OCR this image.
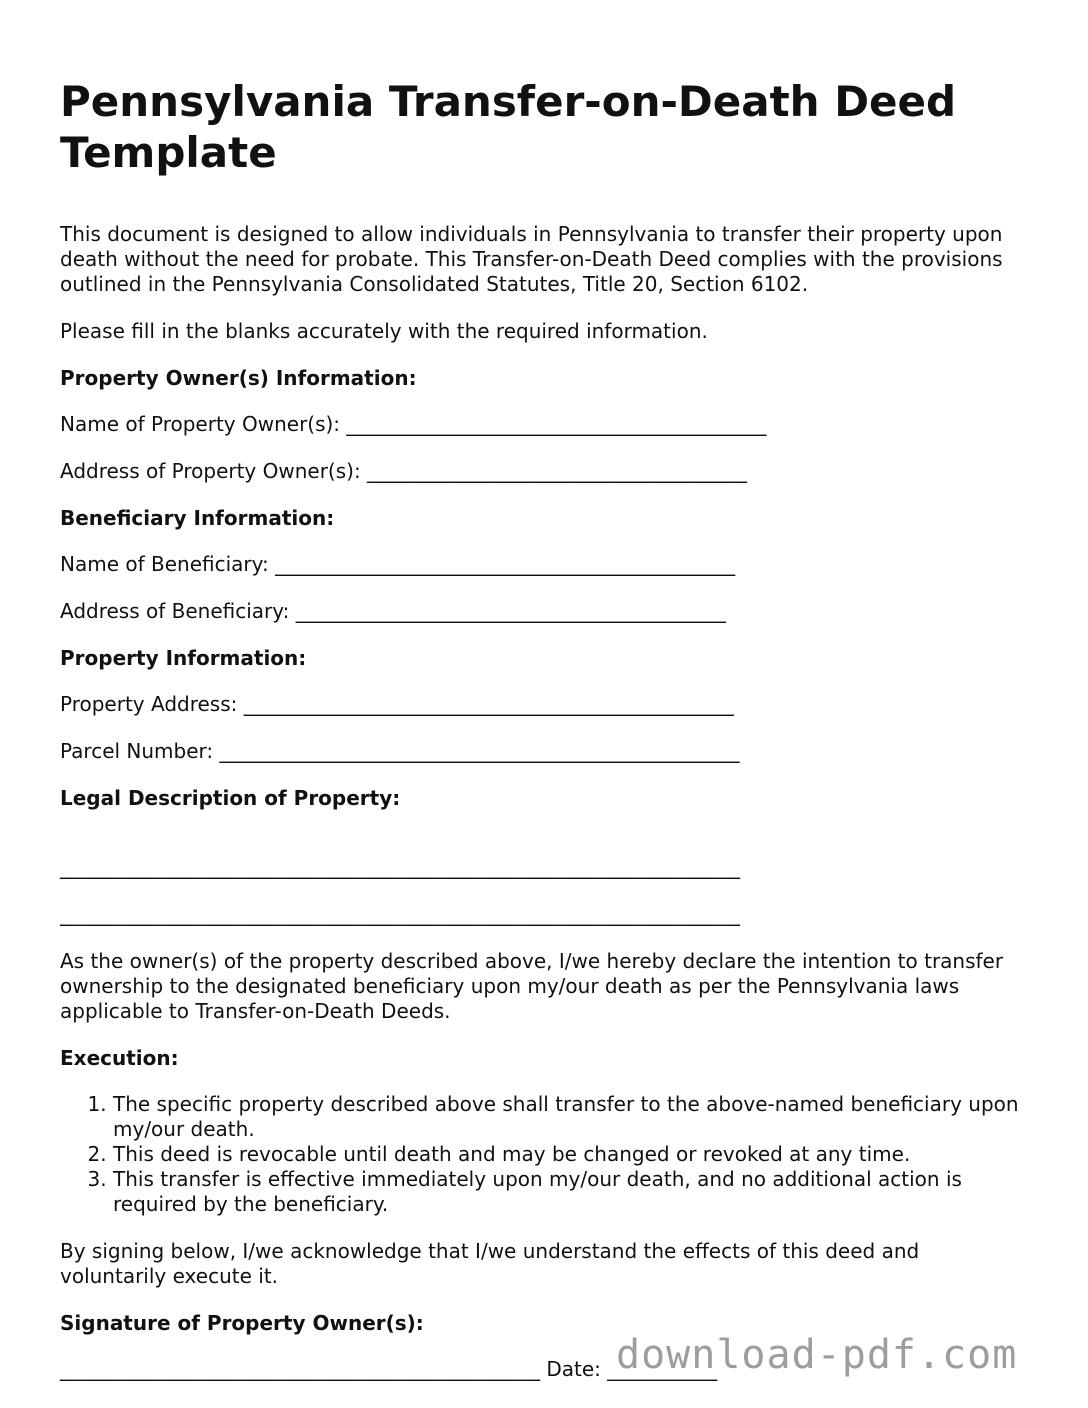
Pennsylvania Transfer-on-Death Deed Template

This document is designed to allow individuals in Pennsylvania to transfer their property upon death without the need for probate. This Transfer-on-Death Deed complies with the provisions outlined in the Pennsylvania Consolidated Statutes, Title 20, Section 6102.

Please fill in the blanks accurately with the required information.

Property Owner(s) Information:

Name of Property Owner(s): __________________________________________

Address of Property Owner(s): ______________________________________

Beneficiary Information:

Name of Beneficiary: ______________________________________________

Address of Beneficiary: ___________________________________________

Property Information:

Property Address: _________________________________________________

Parcel Number: ____________________________________________________

Legal Description of Property:

____________________________________________________________________

____________________________________________________________________

As the owner(s) of the property described above, I/we hereby declare the intention to transfer ownership to the designated beneficiary upon my/our death as per the Pennsylvania laws applicable to Transfer-on-Death Deeds.

Execution:

1. The specific property described above shall transfer to the above-named beneficiary upon my/our death.
2. This deed is revocable until death and may be changed or revoked at any time.
3. This transfer is effective immediately upon my/our death, and no additional action is required by the beneficiary.

By signing below, I/we acknowledge that I/we understand the effects of this deed and voluntarily execute it.

Signature of Property Owner(s):

________________________________________________ Date: ___________

download-pdf.com
